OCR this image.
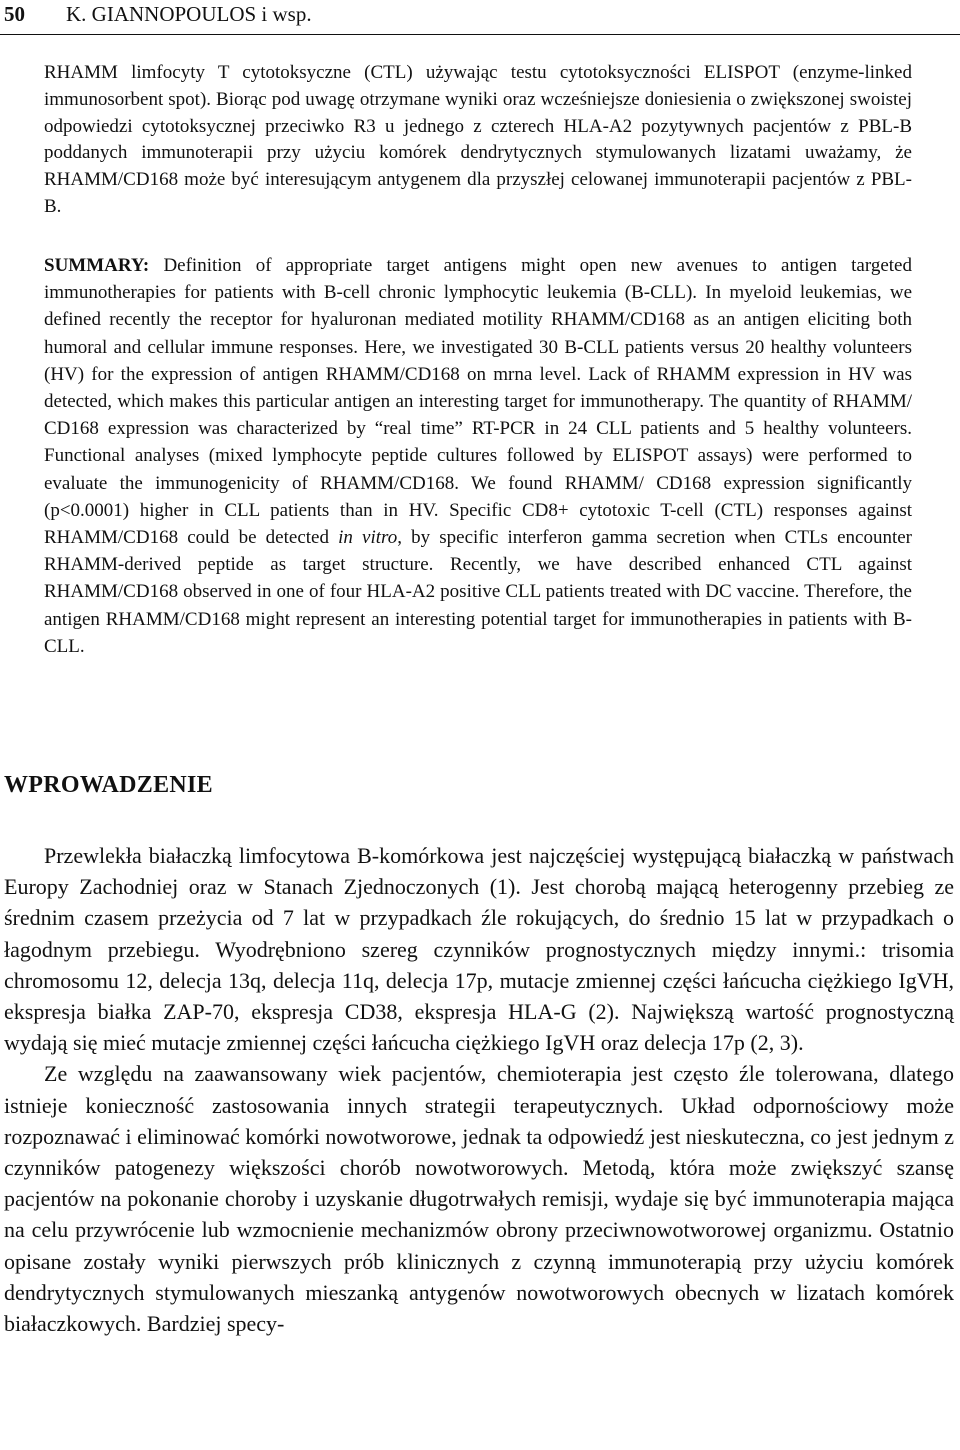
50 K. GIANNOPOULOS i wsp.

RHAMM limfocyty T cytotoksyczne (CTL) używając testu cytotoksyczności ELISPOT (enzyme-linked immunosorbent spot). Biorąc pod uwagę otrzymane wyniki oraz wcześniejsze doniesienia o zwiększonej swoistej odpowiedzi cytotoksycznej przeciwko R3 u jednego z czterech HLA-A2 pozytywnych pacjentów z PBL-B poddanych immunoterapii przy użyciu komórek dendrytycznych stymulowanych lizatami uważamy, że RHAMM/CD168 może być interesującym antygenem dla przyszłej celowanej immunoterapii pacjentów z PBL-B.

SUMMARY: Definition of appropriate target antigens might open new avenues to antigen targeted immunotherapies for patients with B-cell chronic lymphocytic leukemia (B-CLL). In myeloid leukemias, we defined recently the receptor for hyaluronan mediated motility RHAMM/CD168 as an antigen eliciting both humoral and cellular immune responses. Here, we investigated 30 B-CLL patients versus 20 healthy volunteers (HV) for the expression of antigen RHAMM/CD168 on mrna level. Lack of RHAMM expression in HV was detected, which makes this particular antigen an interesting target for immunotherapy. The quantity of RHAMM/ CD168 expression was characterized by “real time” RT-PCR in 24 CLL patients and 5 healthy volunteers. Functional analyses (mixed lymphocyte peptide cultures followed by ELISPOT assays) were performed to evaluate the immunogenicity of RHAMM/CD168. We found RHAMM/ CD168 expression significantly (p<0.0001) higher in CLL patients than in HV. Specific CD8+ cytotoxic T-cell (CTL) responses against RHAMM/CD168 could be detected in vitro, by specific interferon gamma secretion when CTLs encounter RHAMM-derived peptide as target structure. Recently, we have described enhanced CTL against RHAMM/CD168 observed in one of four HLA-A2 positive CLL patients treated with DC vaccine. Therefore, the antigen RHAMM/CD168 might represent an interesting potential target for immunotherapies in patients with B-CLL.

WPROWADZENIE

Przewlekła białaczką limfocytowa B-komórkowa jest najczęściej występującą białaczką w państwach Europy Zachodniej oraz w Stanach Zjednoczonych (1). Jest chorobą mającą heterogenny przebieg ze średnim czasem przeżycia od 7 lat w przypadkach źle rokujących, do średnio 15 lat w przypadkach o łagodnym przebiegu. Wyodrębniono szereg czynników prognostycznych między innymi.: trisomia chromosomu 12, delecja 13q, delecja 11q, delecja 17p, mutacje zmiennej części łańcucha ciężkiego IgVH, ekspresja białka ZAP-70, ekspresja CD38, ekspresja HLA-G (2). Największą wartość prognostyczną wydają się mieć mutacje zmiennej części łańcucha ciężkiego IgVH oraz delecja 17p (2, 3).

Ze względu na zaawansowany wiek pacjentów, chemioterapia jest często źle tolerowana, dlatego istnieje konieczność zastosowania innych strategii terapeutycznych. Układ odpornościowy może rozpoznawać i eliminować komórki nowotworowe, jednak ta odpowiedź jest nieskuteczna, co jest jednym z czynników patogenezy większości chorób nowotworowych. Metodą, która może zwiększyć szansę pacjentów na pokonanie choroby i uzyskanie długotrwałych remisji, wydaje się być immunoterapia mająca na celu przywrócenie lub wzmocnienie mechanizmów obrony przeciwnowotworowej organizmu. Ostatnio opisane zostały wyniki pierwszych prób klinicznych z czynną immunoterapią przy użyciu komórek dendrytycznych stymulowanych mieszanką antygenów nowotworowych obecnych w lizatach komórek białaczkowych. Bardziej specy-
